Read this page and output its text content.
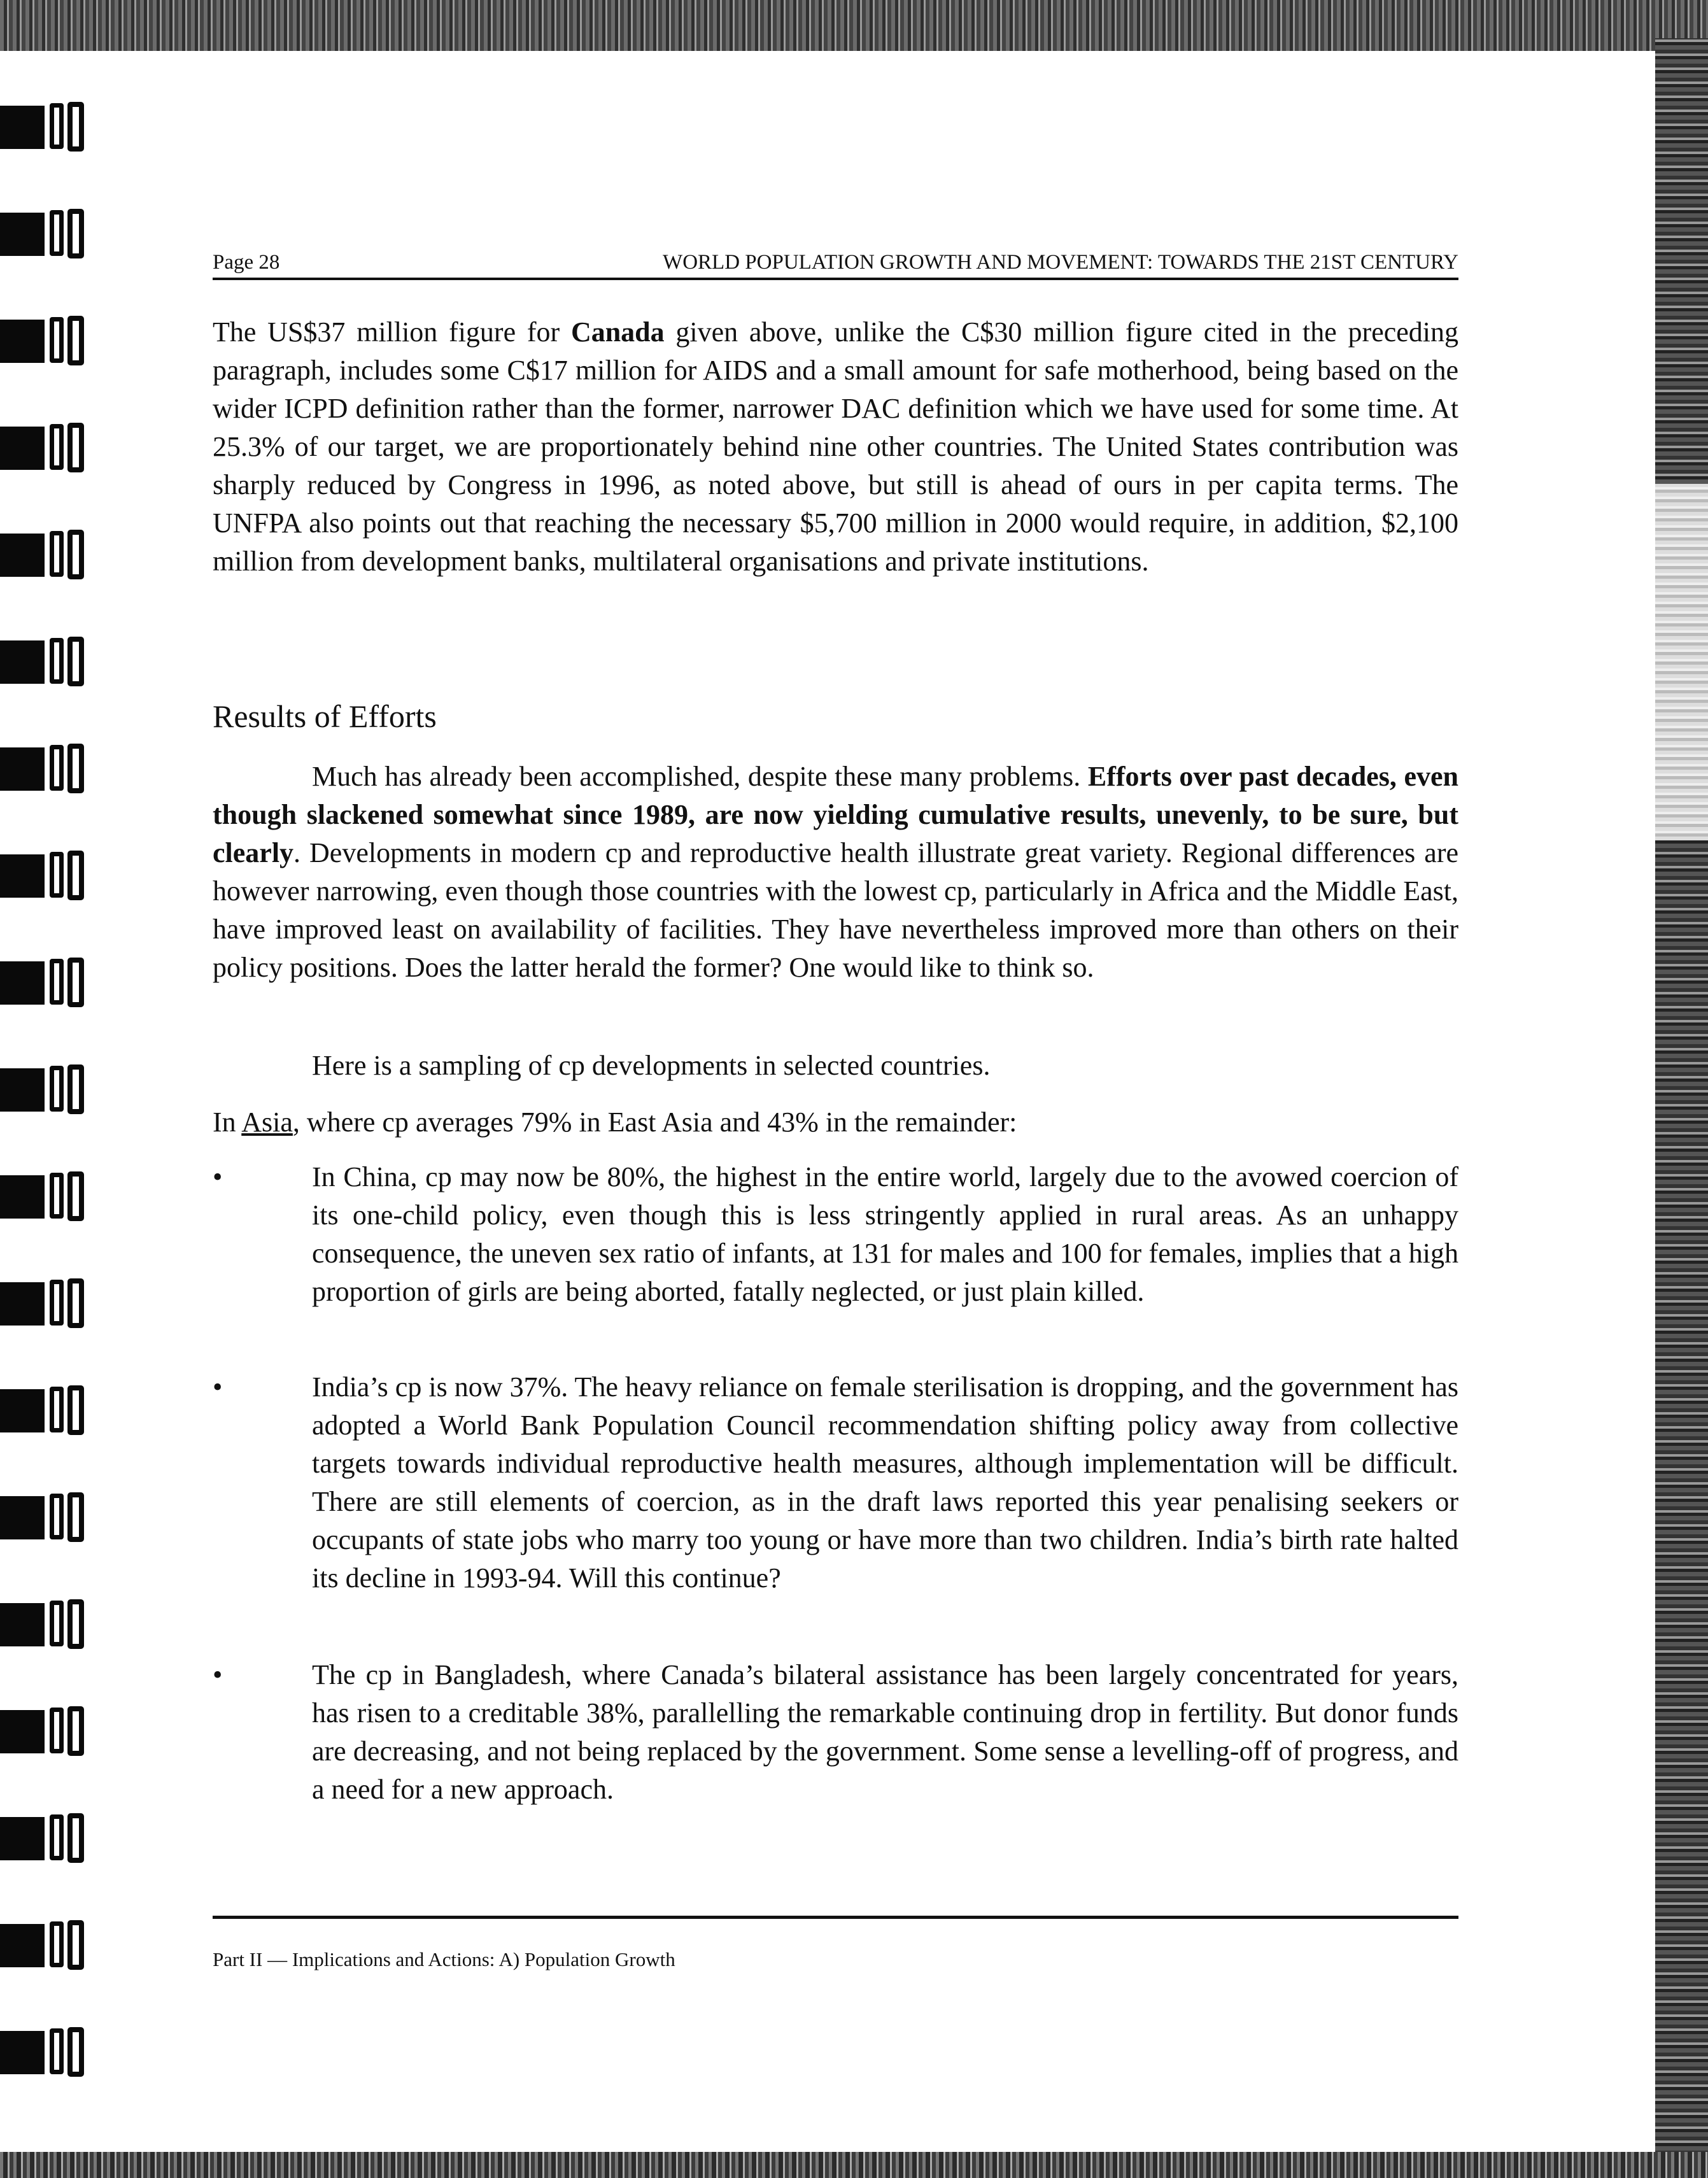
Page 28	WORLD POPULATION GROWTH AND MOVEMENT: TOWARDS THE 21ST CENTURY
The US$37 million figure for Canada given above, unlike the C$30 million figure cited in the preceding paragraph, includes some C$17 million for AIDS and a small amount for safe motherhood, being based on the wider ICPD definition rather than the former, narrower DAC definition which we have used for some time. At 25.3% of our target, we are proportionately behind nine other countries. The United States contribution was sharply reduced by Congress in 1996, as noted above, but still is ahead of ours in per capita terms. The UNFPA also points out that reaching the necessary $5,700 million in 2000 would require, in addition, $2,100 million from development banks, multilateral organisations and private institutions.
Results of Efforts
Much has already been accomplished, despite these many problems. Efforts over past decades, even though slackened somewhat since 1989, are now yielding cumulative results, unevenly, to be sure, but clearly. Developments in modern cp and reproductive health illustrate great variety. Regional differences are however narrowing, even though those countries with the lowest cp, particularly in Africa and the Middle East, have improved least on availability of facilities. They have nevertheless improved more than others on their policy positions. Does the latter herald the former? One would like to think so.
Here is a sampling of cp developments in selected countries.
In Asia, where cp averages 79% in East Asia and 43% in the remainder:
•	In China, cp may now be 80%, the highest in the entire world, largely due to the avowed coercion of its one-child policy, even though this is less stringently applied in rural areas. As an unhappy consequence, the uneven sex ratio of infants, at 131 for males and 100 for females, implies that a high proportion of girls are being aborted, fatally neglected, or just plain killed.
•	India’s cp is now 37%. The heavy reliance on female sterilisation is dropping, and the government has adopted a World Bank Population Council recommendation shifting policy away from collective targets towards individual reproductive health measures, although implementation will be difficult. There are still elements of coercion, as in the draft laws reported this year penalising seekers or occupants of state jobs who marry too young or have more than two children. India’s birth rate halted its decline in 1993-94. Will this continue?
•	The cp in Bangladesh, where Canada’s bilateral assistance has been largely concentrated for years, has risen to a creditable 38%, parallelling the remarkable continuing drop in fertility. But donor funds are decreasing, and not being replaced by the government. Some sense a levelling-off of progress, and a need for a new approach.
Part II — Implications and Actions: A) Population Growth
